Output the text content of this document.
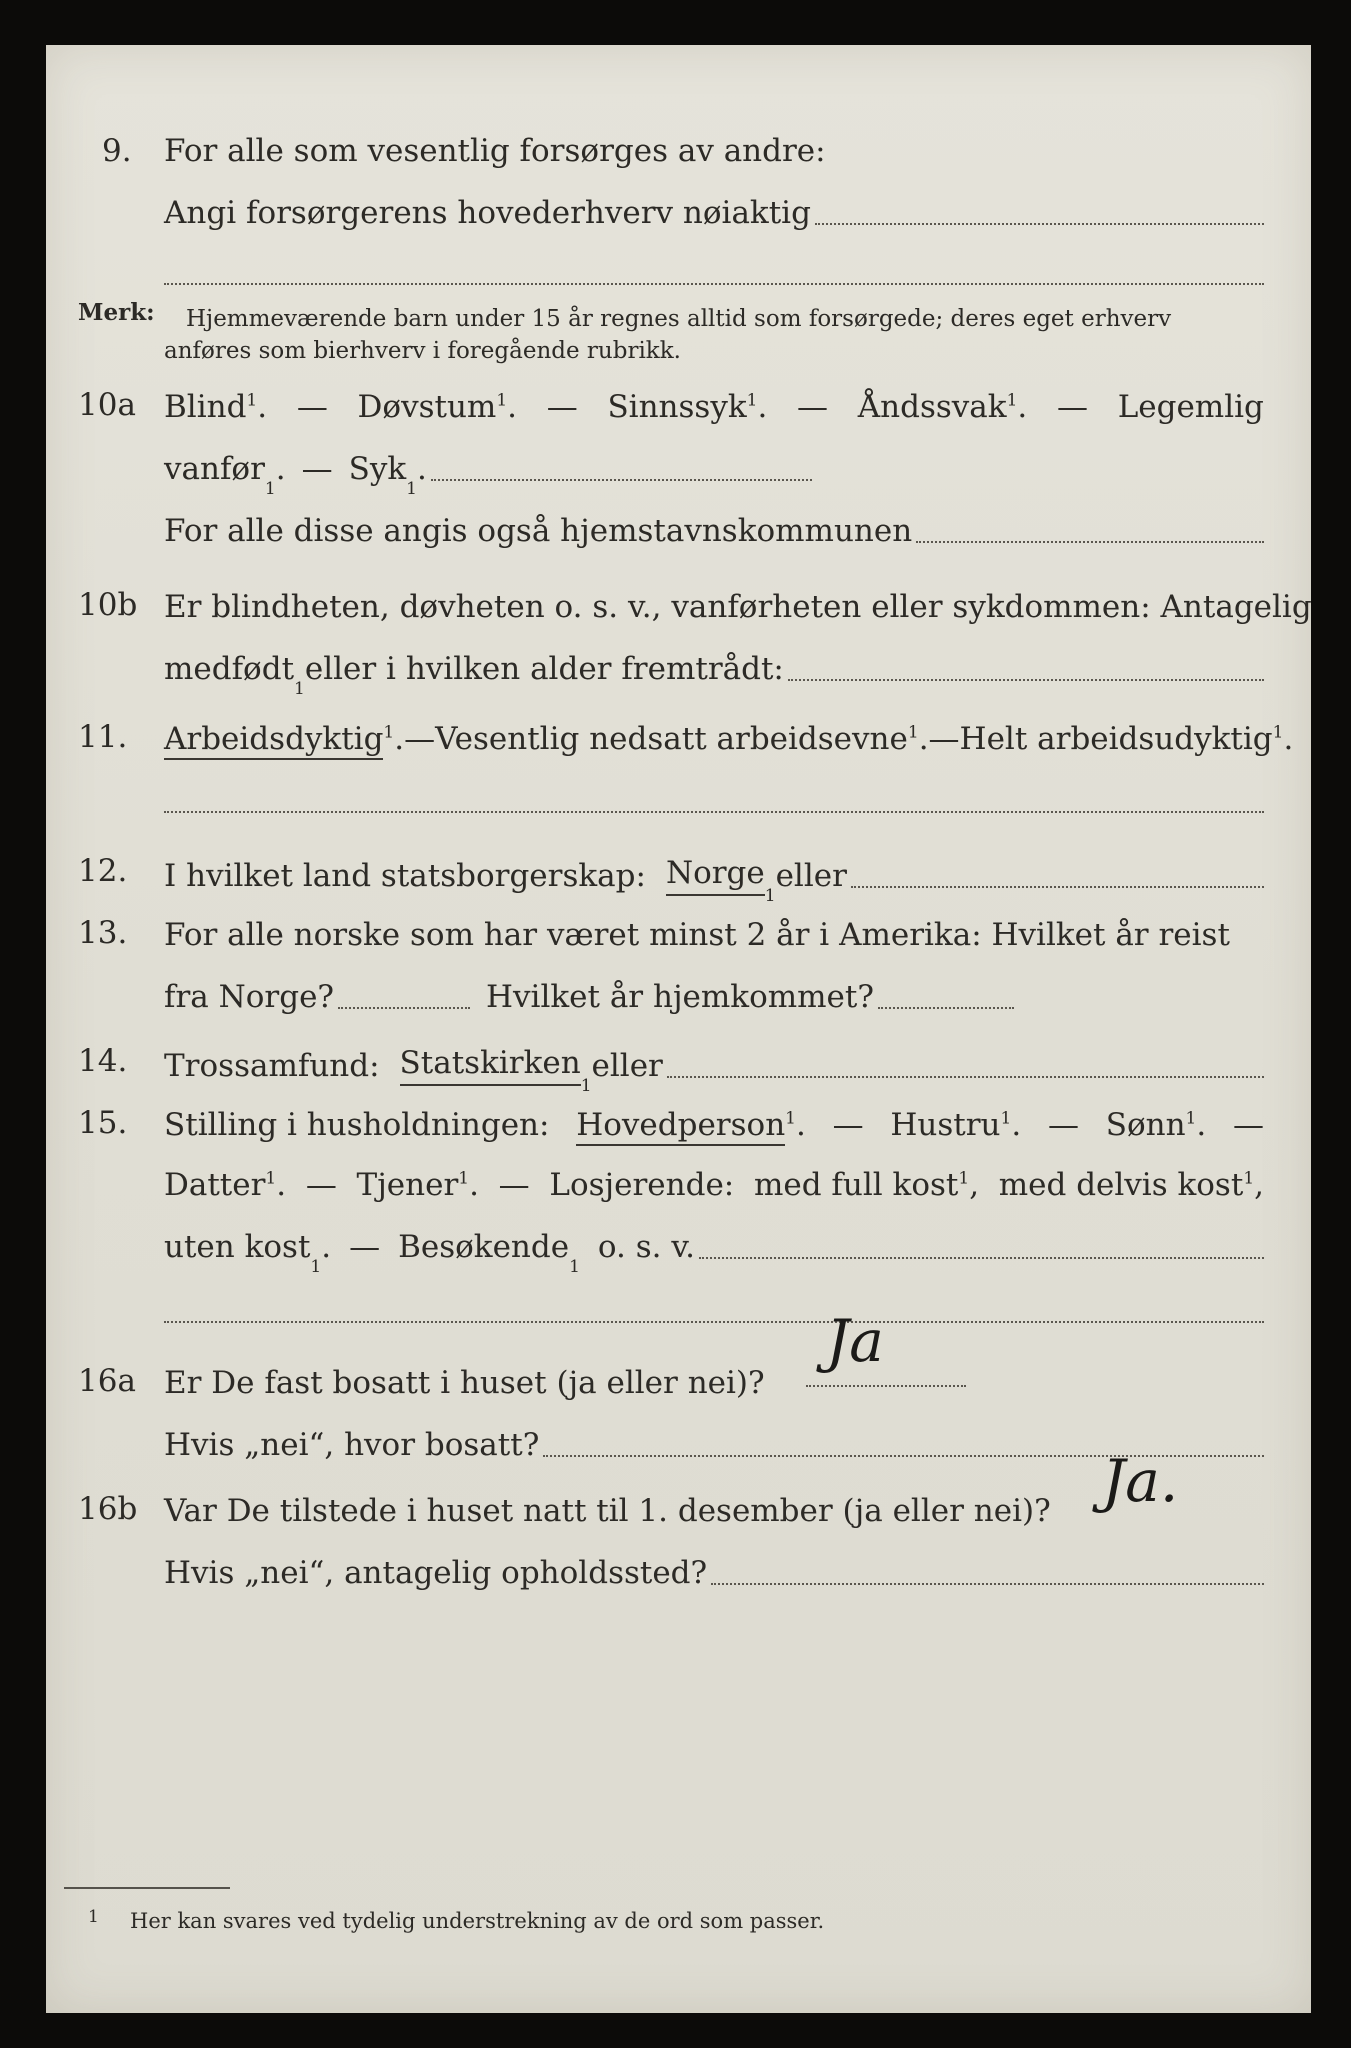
9. For alle som vesentlig forsørges av andre:
Angi forsørgerens hovederhverv nøiaktig
Merk: Hjemmeværende barn under 15 år regnes alltid som forsørgede; deres eget erhverv
anføres som bierhverv i foregående rubrikk.
10a Blind$^1$. — Døvstum$^1$. — Sinnssyk$^1$. — Åndssvak$^1$. — Legemlig
vanfør
1
. — Syk
1
.
For alle disse angis også hjemstavnskommunen
10b Er blindheten, døvheten o. s. v., vanførheten eller sykdommen: Antagelig
medfødt
1
eller i hvilken alder fremtrådt:
11. Arbeidsdyktig$^1$. — Vesentlig nedsatt arbeidsevne$^1$. — Helt arbeidsudyktig$^1$.
12. I hvilket land statsborgerskap: Norge
1
eller
13. For alle norske som har været minst 2 år i Amerika: Hvilket år reist
fra Norge?	Hvilket år hjemkommet?
14. Trossamfund: Statskirken
1
eller
15. Stilling i husholdningen: Hovedperson$^1$. — Hustru$^1$. — Sønn$^1$. —
Datter$^1$. — Tjener$^1$. — Losjerende: med full kost$^1$, med delvis kost$^1$,
uten kost
1
. — Besøkende
1
o. s. v.
16a Er De fast bosatt i huset (ja eller nei)?
Ja
Hvis „nei“, hvor bosatt?
16b Var De tilstede i huset natt til 1. desember (ja eller nei)? Ja.
Hvis „nei“, antagelig opholdssted?
1 Her kan svares ved tydelig understrekning av de ord som passer.
